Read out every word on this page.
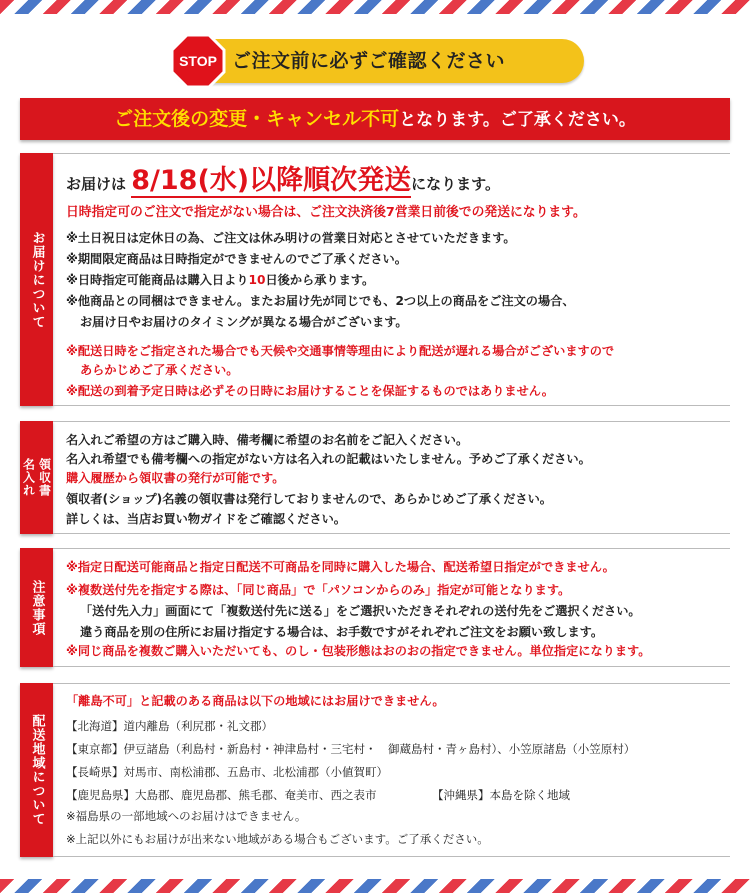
STOP ご注文前に必ずご確認ください
ご注文後の変更・キャンセル不可となります。ご了承ください。
お届けについて
お届けは 8/18(水)以降順次発送になります。
日時指定可のご注文で指定がない場合は、ご注文決済後7営業日前後での発送になります。
※土日祝日は定休日の為、ご注文は休み明けの営業日対応とさせていただきます。
※期間限定商品は日時指定ができませんのでご了承ください。
※日時指定可能商品は購入日より10日後から承ります。
※他商品との同梱はできません。またお届け先が同じでも、2つ以上の商品をご注文の場合、
お届け日やお届けのタイミングが異なる場合がございます。
※配送日時をご指定された場合でも天候や交通事情等理由により配送が遅れる場合がございますので
あらかじめご了承ください。
※配送の到着予定日時は必ずその日時にお届けすることを保証するものではありません。
名入れ 領収書
名入れご希望の方はご購入時、備考欄に希望のお名前をご記入ください。
名入れ希望でも備考欄への指定がない方は名入れの記載はいたしません。予めご了承ください。
購入履歴から領収書の発行が可能です。
領収者(ショップ)名義の領収書は発行しておりませんので、あらかじめご了承ください。
詳しくは、当店お買い物ガイドをご確認ください。
注意事項
※指定日配送可能商品と指定日配送不可商品を同時に購入した場合、配送希望日指定ができません。
※複数送付先を指定する際は、「同じ商品」で「パソコンからのみ」指定が可能となります。
「送付先入力」画面にて「複数送付先に送る」をご選択いただきそれぞれの送付先をご選択ください。
違う商品を別の住所にお届け指定する場合は、お手数ですがそれぞれご注文をお願い致します。
※同じ商品を複数ご購入いただいても、のし・包装形態はおのおの指定できません。単位指定になります。
配送地域について
「離島不可」と記載のある商品は以下の地域にはお届けできません。
【北海道】道内離島（利尻郡・礼文郡）
【東京都】伊豆諸島（利島村・新島村・神津島村・三宅村・　御蔵島村・青ヶ島村）、小笠原諸島（小笠原村）
【長崎県】対馬市、南松浦郡、五島市、北松浦郡（小値賀町）
【鹿児島県】大島郡、鹿児島郡、熊毛郡、奄美市、西之表市	【沖縄県】本島を除く地域
※福島県の一部地域へのお届けはできません。
※上記以外にもお届けが出来ない地域がある場合もございます。ご了承ください。
